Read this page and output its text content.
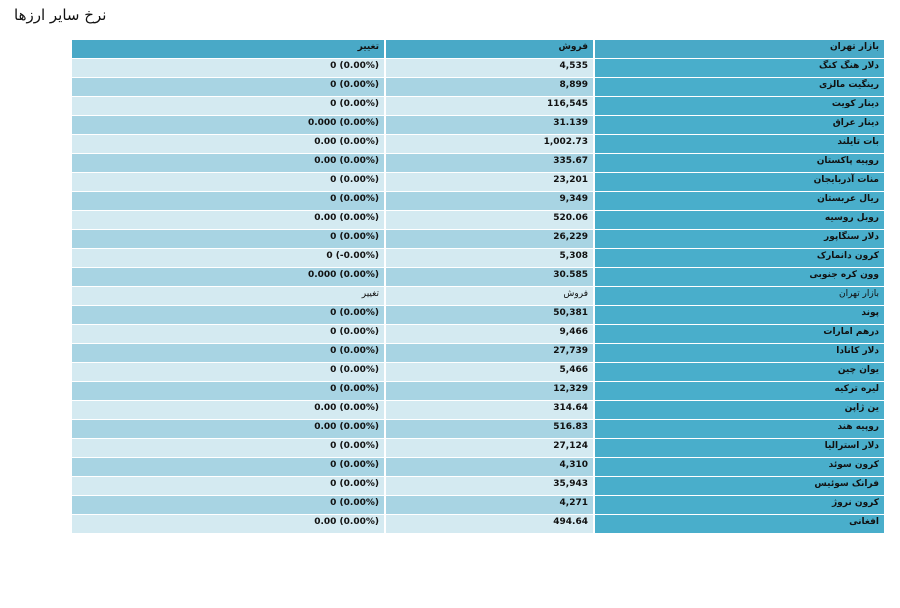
نرخ سایر ارزها
تغییر	فروش	بازار تهران
0 (0.00%)	4,535	دلار هنگ کنگ
0 (0.00%)	8,899	رینگیت مالزی
0 (0.00%)	116,545	دینار کویت
0.000 (0.00%)	31.139	دینار عراق
0.00 (0.00%)	1,002.73	بات تایلند
0.00 (0.00%)	335.67	روپیه پاکستان
0 (0.00%)	23,201	منات آذربایجان
0 (0.00%)	9,349	ریال عربستان
0.00 (0.00%)	520.06	روبل روسیه
0 (0.00%)	26,229	دلار سنگاپور
0 (-0.00%)	5,308	کرون دانمارک
0.000 (0.00%)	30.585	وون کره جنوبی
تغییر	فروش	بازار تهران
0 (0.00%)	50,381	پوند
0 (0.00%)	9,466	درهم امارات
0 (0.00%)	27,739	دلار کانادا
0 (0.00%)	5,466	یوان چین
0 (0.00%)	12,329	لیره ترکیه
0.00 (0.00%)	314.64	ین ژاپن
0.00 (0.00%)	516.83	روپیه هند
0 (0.00%)	27,124	دلار استرالیا
0 (0.00%)	4,310	کرون سوئد
0 (0.00%)	35,943	فرانک سوئیس
0 (0.00%)	4,271	کرون نروژ
0.00 (0.00%)	494.64	افغانی
